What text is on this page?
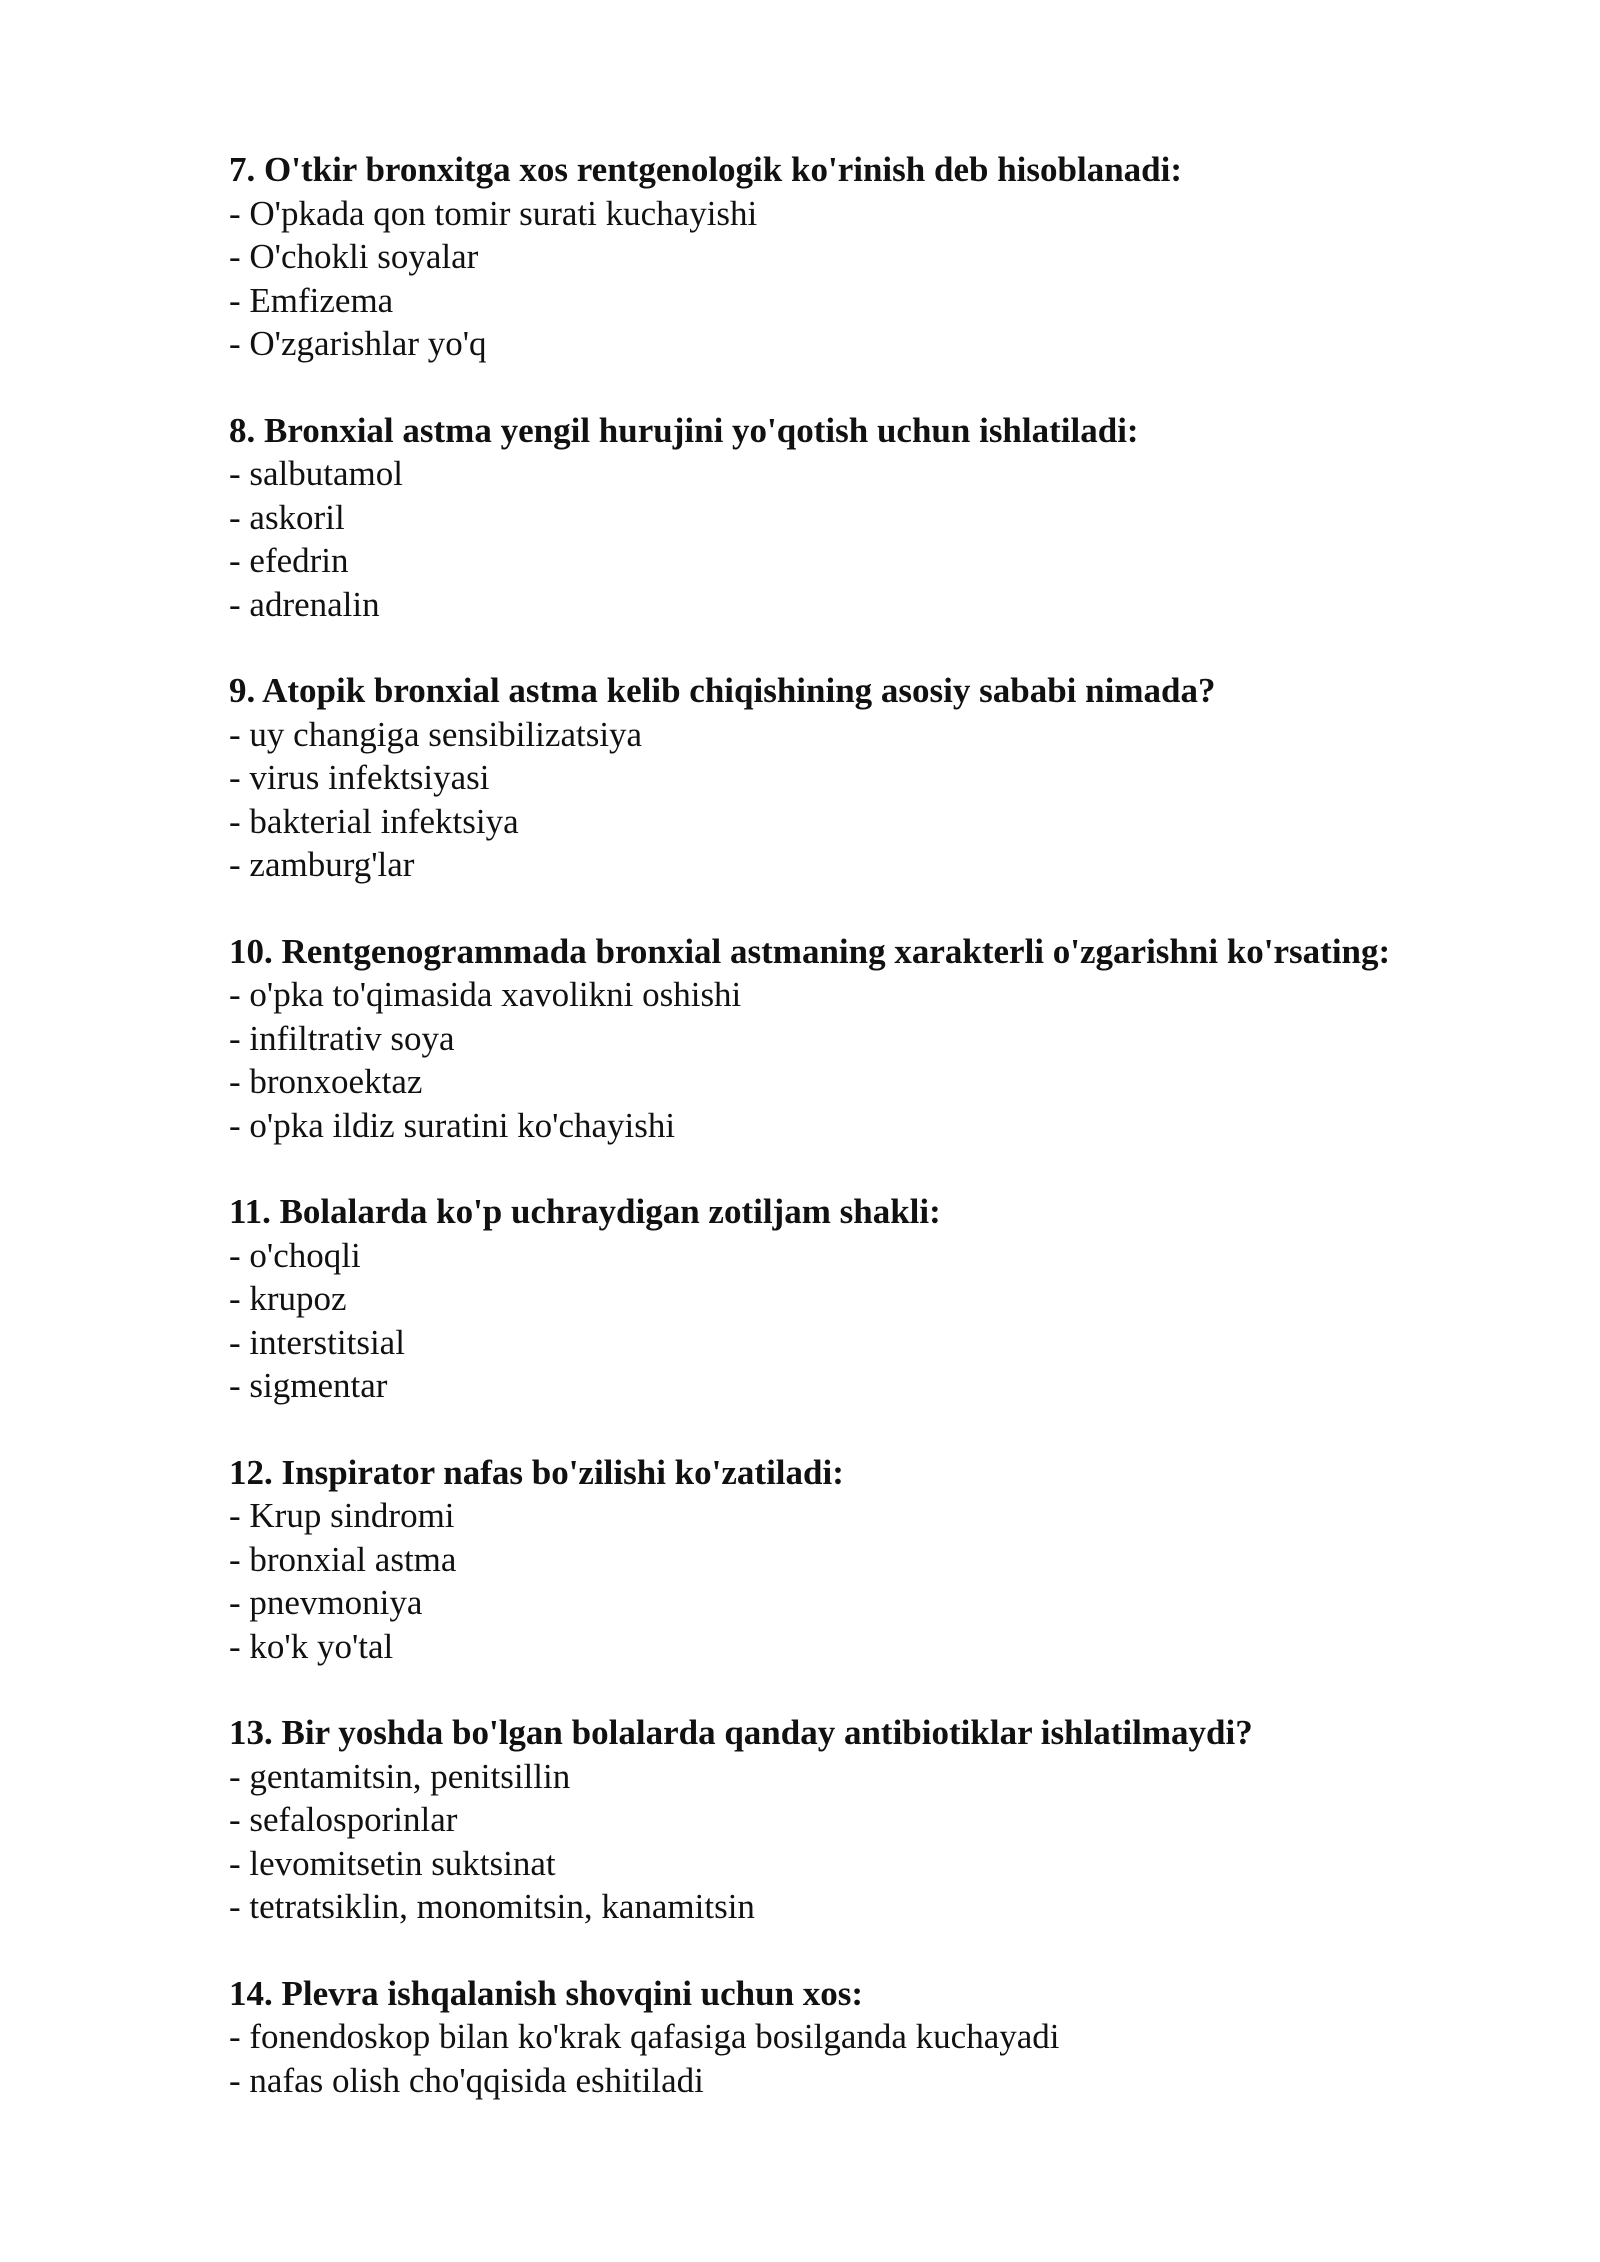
7. O'tkir bronxitga xos rentgenologik ko'rinish deb hisoblanadi:

- O'pkada qon tomir surati kuchayishi

- O'chokli soyalar

- Emfizema

- O'zgarishlar yo'q

8. Bronxial astma yengil hurujini yo'qotish uchun ishlatiladi:

- salbutamol

- askoril

- efedrin

- adrenalin

9. Atopik bronxial astma kelib chiqishining asosiy sababi nimada?

- uy changiga sensibilizatsiya

- virus infektsiyasi

- bakterial infektsiya

- zamburg'lar

10. Rentgenogrammada bronxial astmaning xarakterli o'zgarishni ko'rsating:

- o'pka to'qimasida xavolikni oshishi

- infiltrativ soya

- bronxoektaz

- o'pka ildiz suratini ko'chayishi

11. Bolalarda ko'p uchraydigan zotiljam shakli:

- o'choqli

- krupoz

- interstitsial

- sigmentar

12. Inspirator nafas bo'zilishi ko'zatiladi:

- Krup sindromi

- bronxial astma

- pnevmoniya

- ko'k yo'tal

13. Bir yoshda bo'lgan bolalarda qanday antibiotiklar ishlatilmaydi?

- gentamitsin, penitsillin

- sefalosporinlar

- levomitsetin suktsinat

- tetratsiklin, monomitsin, kanamitsin

14. Plevra ishqalanish shovqini uchun xos:

- fonendoskop bilan ko'krak qafasiga bosilganda kuchayadi

- nafas olish cho'qqisida eshitiladi
